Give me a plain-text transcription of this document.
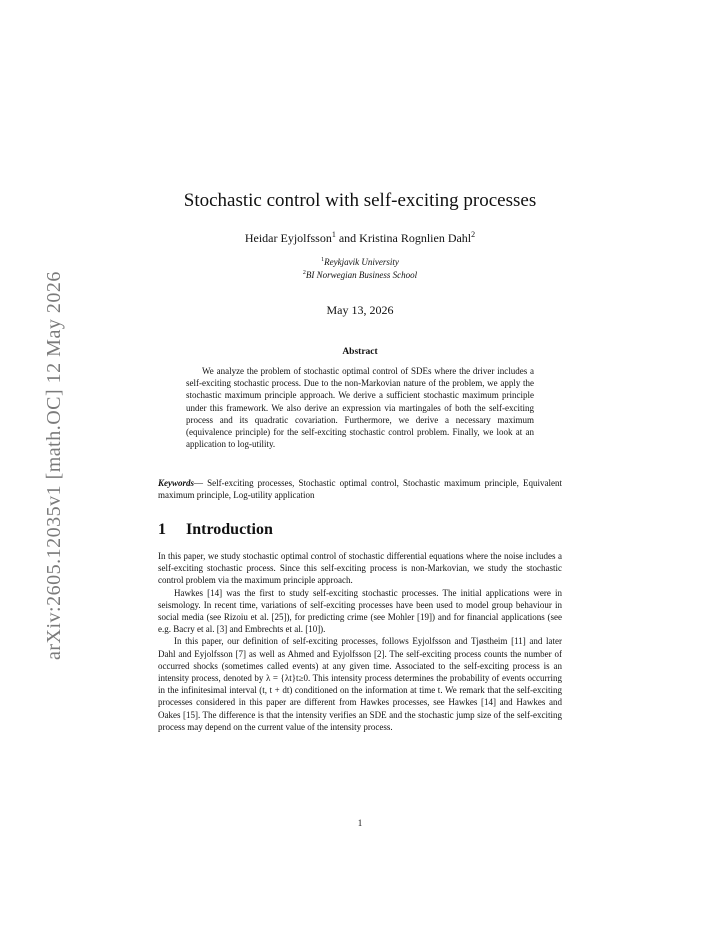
arXiv:2605.12035v1 [math.OC] 12 May 2026
Stochastic control with self-exciting processes
Heidar Eyjolfsson$^1$ and Kristina Rognlien Dahl$^2$
$^1$Reykjavik University
$^2$BI Norwegian Business School
May 13, 2026
Abstract
We analyze the problem of stochastic optimal control of SDEs where the driver includes a self-exciting stochastic process. Due to the non-Markovian nature of the problem, we apply the stochastic maximum principle approach. We derive a sufficient stochastic maximum principle under this framework. We also derive an expression via martingales of both the self-exciting process and its quadratic covariation. Furthermore, we derive a necessary maximum (equivalence principle) for the self-exciting stochastic control problem. Finally, we look at an application to log-utility.
Keywords— Self-exciting processes, Stochastic optimal control, Stochastic maximum principle, Equivalent maximum principle, Log-utility application
1 Introduction

In this paper, we study stochastic optimal control of stochastic differential equations where the noise includes a self-exciting stochastic process. Since this self-exciting process is non-Markovian, we study the stochastic control problem via the maximum principle approach.

Hawkes [14] was the first to study self-exciting stochastic processes. The initial applications were in seismology. In recent time, variations of self-exciting processes have been used to model group behaviour in social media (see Rizoiu et al. [25]), for predicting crime (see Mohler [19]) and for financial applications (see e.g. Bacry et al. [3] and Embrechts et al. [10]).

In this paper, our definition of self-exciting processes, follows Eyjolfsson and Tjøstheim [11] and later Dahl and Eyjolfsson [7] as well as Ahmed and Eyjolfsson [2]. The self-exciting process counts the number of occurred shocks (sometimes called events) at any given time. Associated to the self-exciting process is an intensity process, denoted by λ = {λt}t≥0. This intensity process determines the probability of events occurring in the infinitesimal interval (t, t + dt) conditioned on the information at time t. We remark that the self-exciting processes considered in this paper are different from Hawkes processes, see Hawkes [14] and Hawkes and Oakes [15]. The difference is that the intensity verifies an SDE and the stochastic jump size of the self-exciting process may depend on the current value of the intensity process.

1
